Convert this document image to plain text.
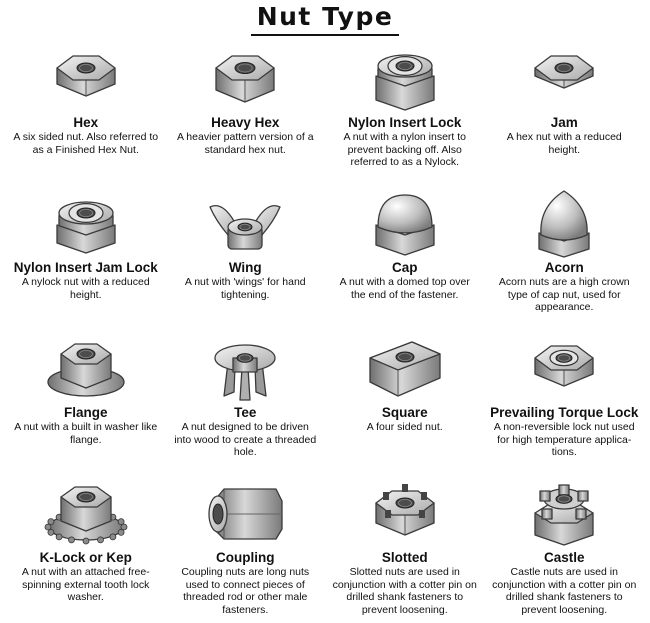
Nut Type
Hex
A six sided nut. Also referred to as a Finished Hex Nut.
Heavy Hex
A heavier pattern version of a standard hex nut.
Nylon Insert Lock
A nut with a nylon insert to prevent backing off. Also referred to as a Nylock.
Jam
A hex nut with a reduced height.
Nylon Insert Jam Lock
A nylock nut with a reduced height.
Wing
A nut with 'wings' for hand tightening.
Cap
A nut with a domed top over the end of the fastener.
Acorn
Acorn nuts are a high crown type of cap nut, used for appearance.
Flange
A nut with a built in washer like flange.
Tee
A nut designed to be driven into wood to create a threaded hole.
Square
A four sided nut.
Prevailing Torque Lock
A non-reversible lock nut used for high temperature applica-tions.
K-Lock or Kep
A nut with an attached free-spinning external tooth lock washer.
Coupling
Coupling nuts are long nuts used to connect pieces of threaded rod or other male fasteners.
Slotted
Slotted nuts are used in conjunction with a cotter pin on drilled shank fasteners to prevent loosening.
Castle
Castle nuts are used in conjunction with a cotter pin on drilled shank fasteners to prevent loosening.
